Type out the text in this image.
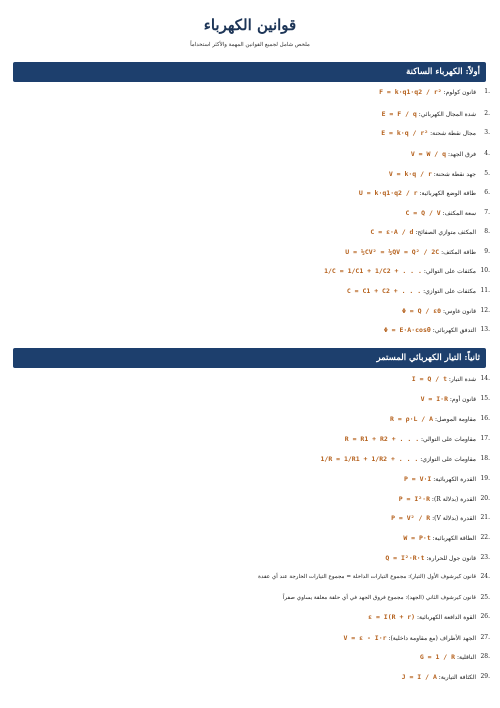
قوانين الكهرباء
ملخص شامل لجميع القوانين المهمة والأكثر استخداماً
أولاً: الكهرباء الساكنة
ثانياً: التيار الكهربائي المستمر
1.
قانون كولوم: F = k·q1·q2 / r²
2.
شدة المجال الكهربائي: E = F / q
3.
مجال نقطة شحنة: E = k·q / r²
4.
فرق الجهد: V = W / q
5.
جهد نقطة شحنة: V = k·q / r
6.
طاقة الوضع الكهربائية: U = k·q1·q2 / r
7.
سعة المكثف: C = Q / V
8.
المكثف متوازي الصفائح: C = ε·A / d
9.
طاقة المكثف: U = ½CV² = ½QV = Q² / 2C
10.
مكثفات على التوالي: 1/C = 1/C1 + 1/C2 + . . .
11.
مكثفات على التوازي: C = C1 + C2 + . . .
12.
قانون غاوس: Φ = Q / ε0
13.
التدفق الكهربائي: Φ = E·A·cosθ
14.
شدة التيار: I = Q / t
15.
قانون أوم: V = I·R
16.
مقاومة الموصل: R = ρ·L / A
17.
مقاومات على التوالي: R = R1 + R2 + . . .
18.
مقاومات على التوازي: 1/R = 1/R1 + 1/R2 + . . .
19.
القدرة الكهربائية: P = V·I
20.
القدرة (بدلالة R): P = I²·R
21.
القدرة (بدلالة V): P = V² / R
22.
الطاقة الكهربائية: W = P·t
23.
قانون جول للحرارة: Q = I²·R·t
24.
قانون كيرشوف الأول (التيار): مجموع التيارات الداخلة = مجموع التيارات الخارجة عند أي عقدة
25.
قانون كيرشوف الثاني (الجهد): مجموع فروق الجهد في أي حلقة مغلقة يساوي صفراً
26.
القوة الدافعة الكهربائية: ε = I(R + r)
27.
الجهد الأطراف (مع مقاومة داخلية): V = ε - I·r
28.
الناقلية: G = 1 / R
29.
الكثافة التيارية: J = I / A
